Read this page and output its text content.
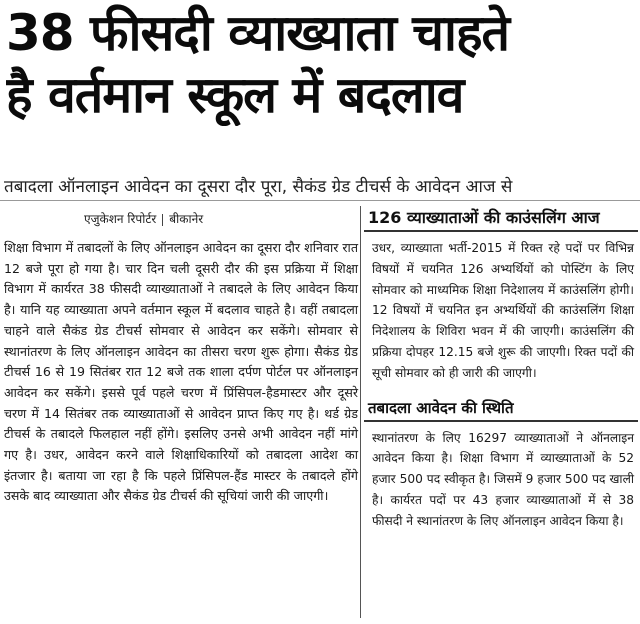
38 फीसदी व्याख्याता चाहते
है वर्तमान स्कूल में बदलाव
तबादला ऑनलाइन आवेदन का दूसरा दौर पूरा, सैकंड ग्रेड टीचर्स के आवेदन आज से
एजुकेशन रिपोर्टर बीकानेर
शिक्षा विभाग में तबादलों के लिए ऑनलाइन आवेदन का दूसरा दौर शनिवार रात 12 बजे पूरा हो गया है। चार दिन चली दूसरी दौर की इस प्रक्रिया में शिक्षा विभाग में कार्यरत 38 फीसदी व्याख्याताओं ने तबादले के लिए आवेदन किया है। यानि यह व्याख्याता अपने वर्तमान स्कूल में बदलाव चाहते है। वहीं तबादला चाहने वाले सैकंड ग्रेड टीचर्स सोमवार से आवेदन कर सकेंगे। सोमवार से स्थानांतरण के लिए ऑनलाइन आवेदन का तीसरा चरण शुरू होगा। सैकंड ग्रेड टीचर्स 16 से 19 सितंबर रात 12 बजे तक शाला दर्पण पोर्टल पर ऑनलाइन आवेदन कर सकेंगे। इससे पूर्व पहले चरण में प्रिंसिपल-हैडमास्टर और दूसरे चरण में 14 सितंबर तक व्याख्याताओं से आवेदन प्राप्त किए गए है। थर्ड ग्रेड टीचर्स के तबादले फिलहाल नहीं होंगे। इसलिए उनसे अभी आवेदन नहीं मांगे गए है। उधर, आवेदन करने वाले शिक्षाधिकारियों को तबादला आदेश का इंतजार है। बताया जा रहा है कि पहले प्रिंसिपल-हैंड मास्टर के तबादले होंगे उसके बाद व्याख्याता और सैकंड ग्रेड टीचर्स की सूचियां जारी की जाएगी।
126 व्याख्याताओं की काउंसलिंग आज
उधर, व्याख्याता भर्ती-2015 में रिक्त रहे पदों पर विभिन्न विषयों में चयनित 126 अभ्यर्थियों को पोस्टिंग के लिए सोमवार को माध्यमिक शिक्षा निदेशालय में काउंसलिंग होगी। 12 विषयों में चयनित इन अभ्यर्थियों की काउंसलिंग शिक्षा निदेशालय के शिविरा भवन में की जाएगी। काउंसलिंग की प्रक्रिया दोपहर 12.15 बजे शुरू की जाएगी। रिक्त पदों की सूची सोमवार को ही जारी की जाएगी।
तबादला आवेदन की स्थिति
स्थानांतरण के लिए 16297 व्याख्याताओं ने ऑनलाइन आवेदन किया है। शिक्षा विभाग में व्याख्याताओं के 52 हजार 500 पद स्वीकृत है। जिसमें 9 हजार 500 पद खाली है। कार्यरत पदों पर 43 हजार व्याख्याताओं में से 38 फीसदी ने स्थानांतरण के लिए ऑनलाइन आवेदन किया है।
